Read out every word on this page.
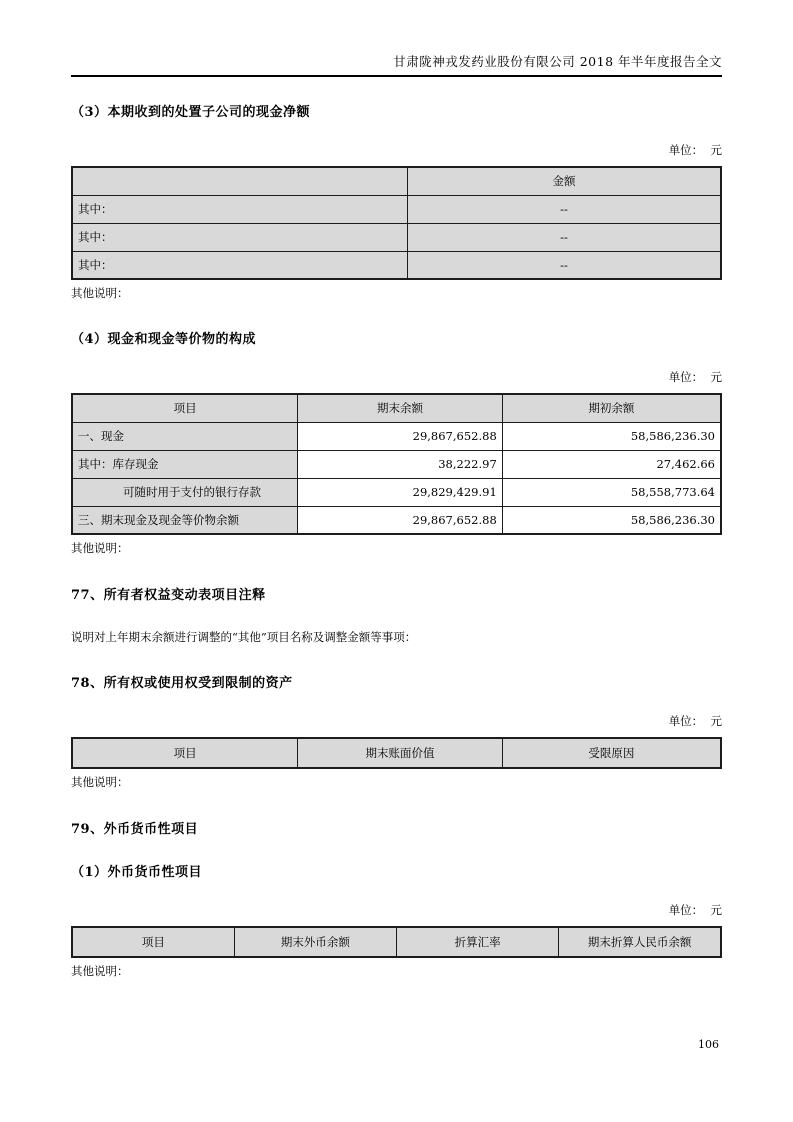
甘肃陇神戎发药业股份有限公司 2018 年半年度报告全文
（3）本期收到的处置子公司的现金净额
单位：  元
	金额
其中：	--
其中：	--
其中：	--
其他说明：
（4）现金和现金等价物的构成
单位：  元
项目	期末余额	期初余额
一、现金	29,867,652.88	58,586,236.30
其中：库存现金	38,222.97	27,462.66
可随时用于支付的银行存款	29,829,429.91	58,558,773.64
三、期末现金及现金等价物余额	29,867,652.88	58,586,236.30
其他说明：
77、所有者权益变动表项目注释
说明对上年期末余额进行调整的“其他”项目名称及调整金额等事项：
78、所有权或使用权受到限制的资产
单位：  元
项目	期末账面价值	受限原因
其他说明：
79、外币货币性项目
（1）外币货币性项目
单位：  元
项目	期末外币余额	折算汇率	期末折算人民币余额
其他说明：
106
